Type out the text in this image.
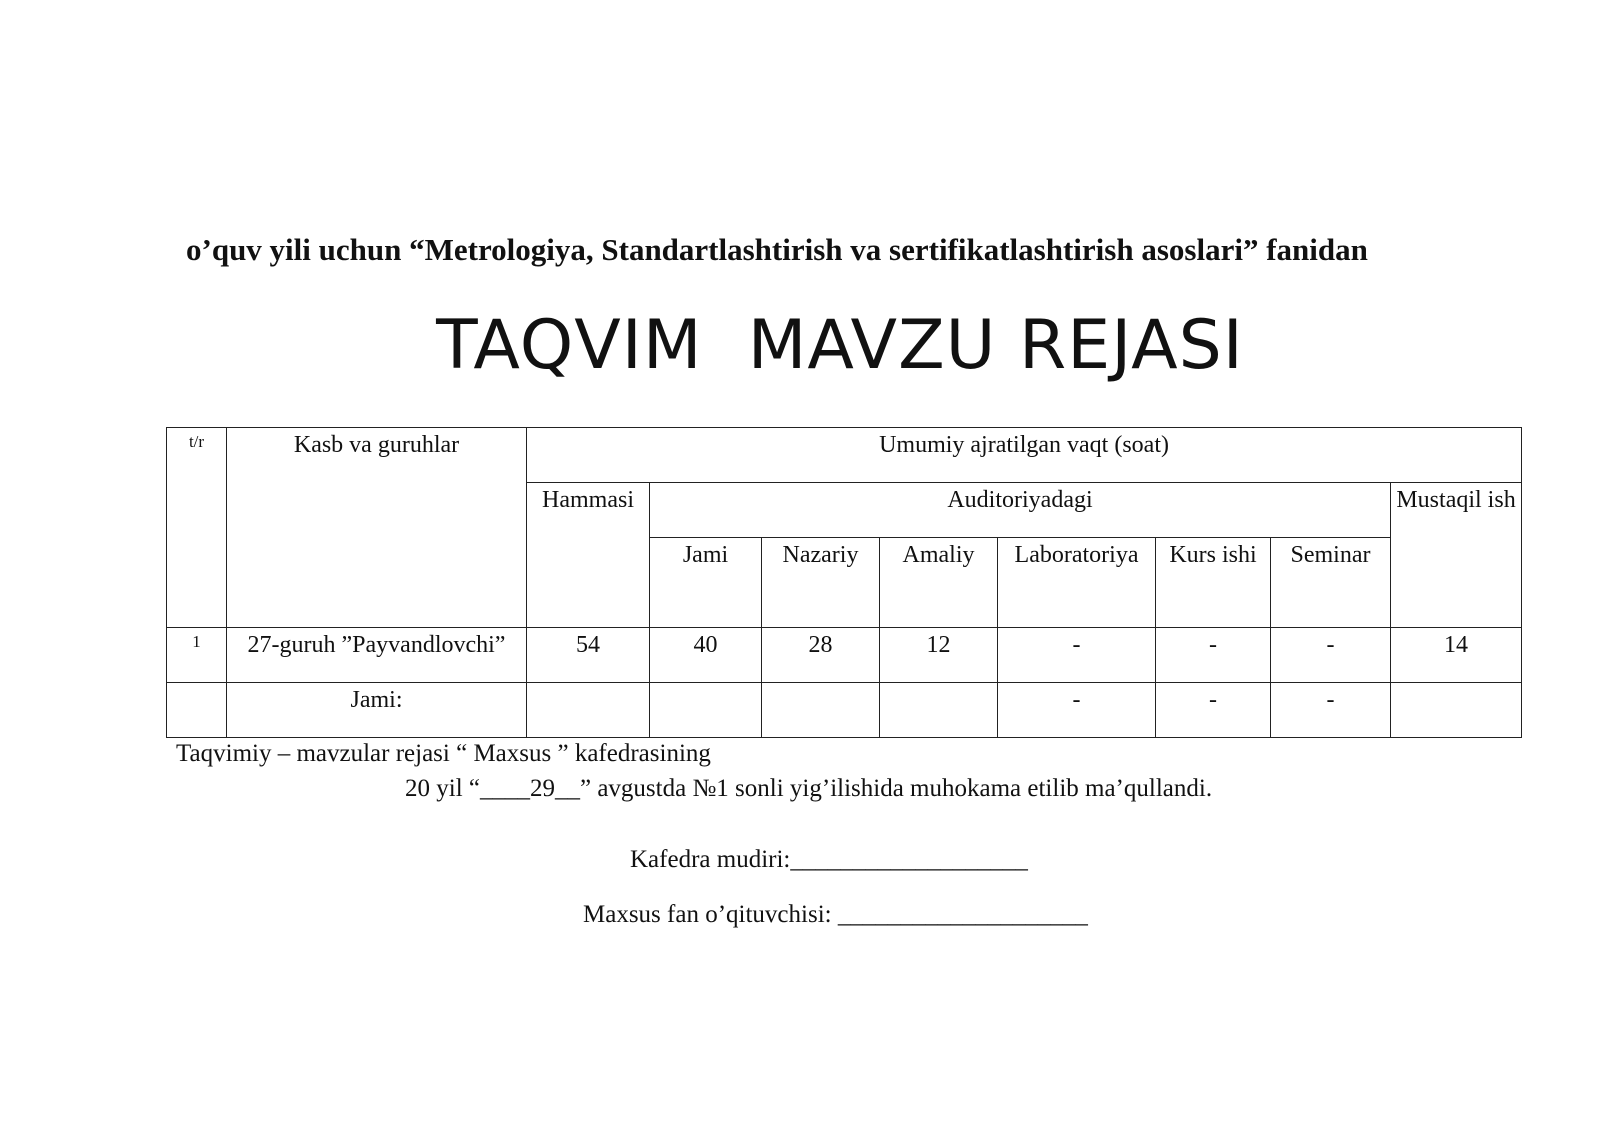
o’quv yili uchun “Metrologiya, Standartlashtirish va sertifikatlashtirish asoslari” fanidan
TAQVIM  MAVZU REJASI
t/r	Kasb va guruhlar	Umumiy ajratilgan vaqt (soat)							
		Hammasi	Auditoriyadagi						Mustaqil ish
			Jami	Nazariy	Amaliy	Laboratoriya	Kurs ishi	Seminar	
1	27-guruh ”Payvandlovchi”	54	40	28	12	-	-	-	14
	Jami:					-	-	-	
Taqvimiy – mavzular rejasi “ Maxsus ” kafedrasining
20 yil “____29__” avgustda №1 sonli yig’ilishida muhokama etilib ma’qullandi.
Kafedra mudiri:___________________
Maxsus fan o’qituvchisi: ____________________
